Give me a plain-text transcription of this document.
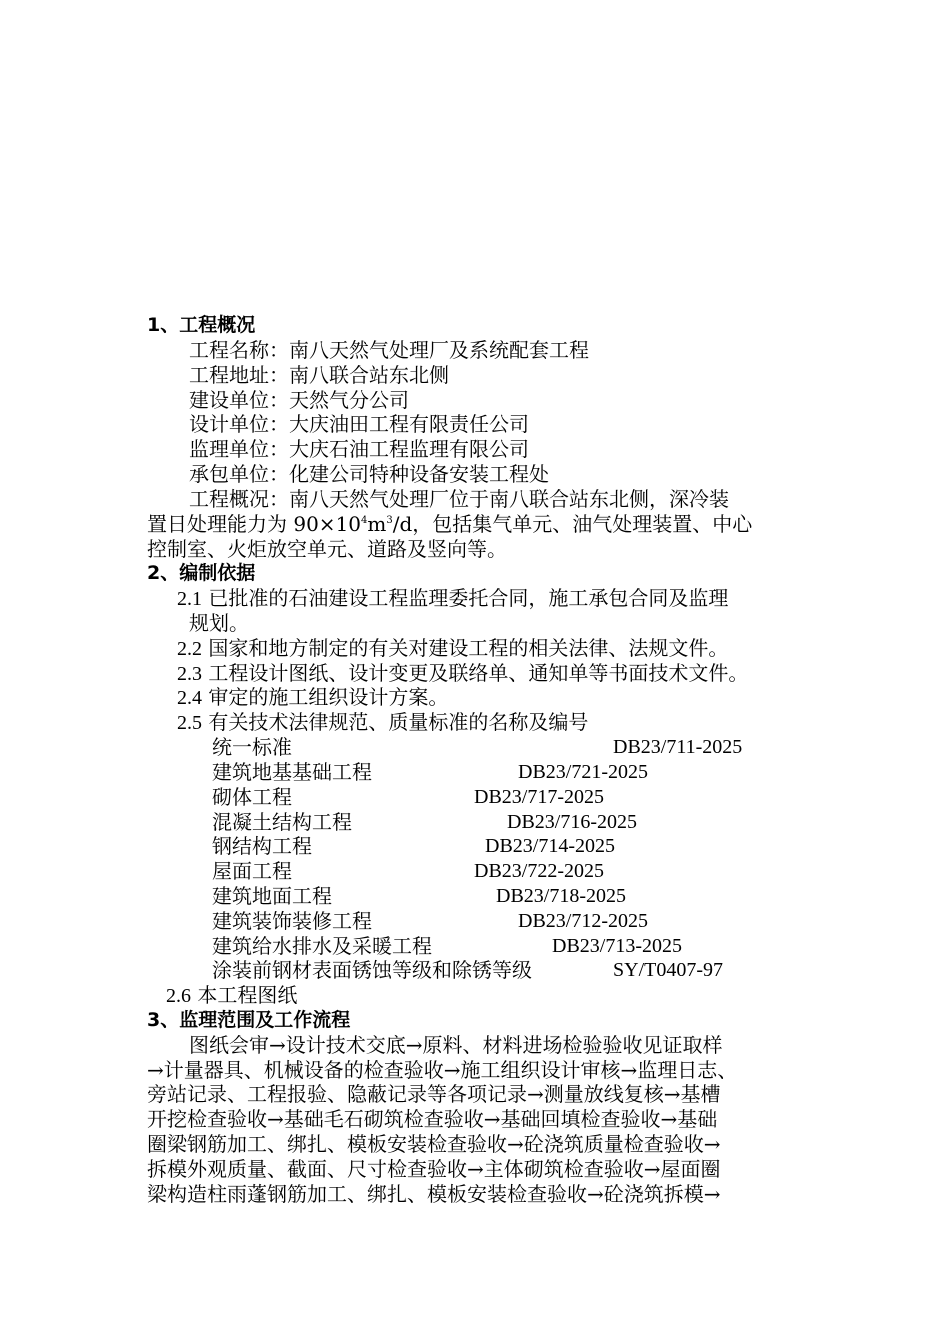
1、工程概况
工程名称：南八天然气处理厂及系统配套工程
工程地址：南八联合站东北侧
建设单位：天然气分公司
设计单位：大庆油田工程有限责任公司
监理单位：大庆石油工程监理有限公司
承包单位：化建公司特种设备安装工程处
工程概况：南八天然气处理厂位于南八联合站东北侧，深冷装
置日处理能力为 $90\times 10^4m^3/d$，包括集气单元、油气处理装置、中心
控制室、火炬放空单元、道路及竖向等。
2、编制依据
2.1 已批准的石油建设工程监理委托合同，施工承包合同及监理
规划。
2.2 国家和地方制定的有关对建设工程的相关法律、法规文件。
2.3 工程设计图纸、设计变更及联络单、通知单等书面技术文件。
2.4 审定的施工组织设计方案。
2.5 有关技术法律规范、质量标准的名称及编号
统一标准	DB23/711-2025
建筑地基基础工程	DB23/721-2025
砌体工程	DB23/717-2025
混凝土结构工程	DB23/716-2025
钢结构工程	DB23/714-2025
屋面工程	DB23/722-2025
建筑地面工程	DB23/718-2025
建筑装饰装修工程	DB23/712-2025
建筑给水排水及采暖工程	DB23/713-2025
涂装前钢材表面锈蚀等级和除锈等级	SY/T0407-97
2.6 本工程图纸
3、监理范围及工作流程
图纸会审→设计技术交底→原料、材料进场检验验收见证取样
→计量器具、机械设备的检查验收→施工组织设计审核→监理日志、
旁站记录、工程报验、隐蔽记录等各项记录→测量放线复核→基槽
开挖检查验收→基础毛石砌筑检查验收→基础回填检查验收→基础
圈梁钢筋加工、绑扎、模板安装检查验收→砼浇筑质量检查验收→
拆模外观质量、截面、尺寸检查验收→主体砌筑检查验收→屋面圈
梁构造柱雨蓬钢筋加工、绑扎、模板安装检查验收→砼浇筑拆模→
